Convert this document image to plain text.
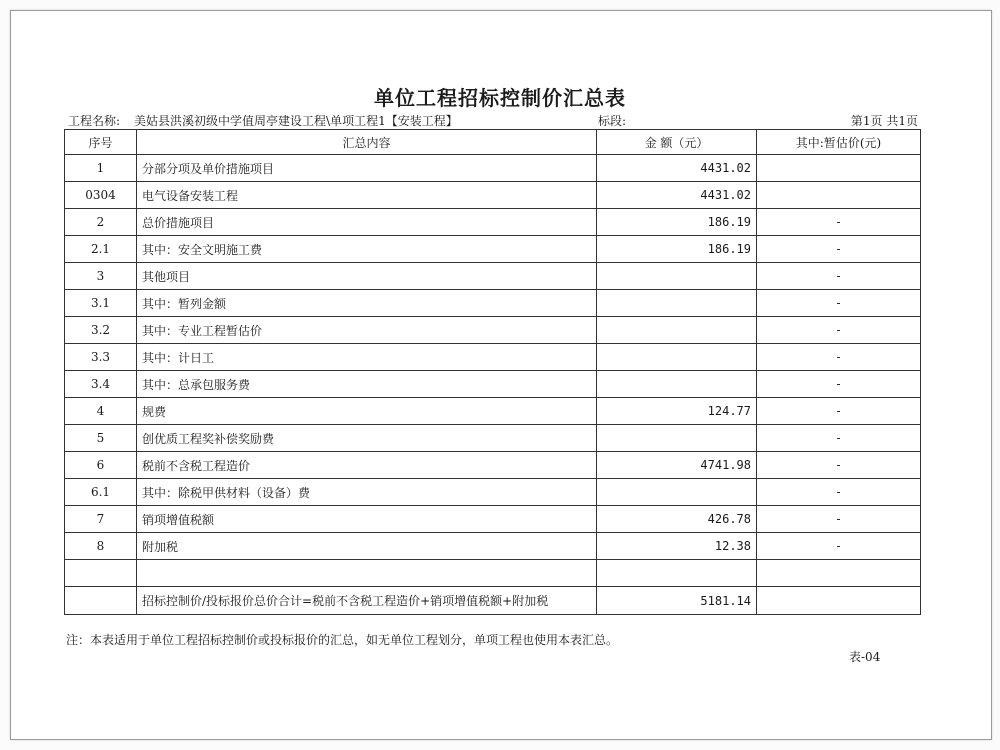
单位工程招标控制价汇总表
工程名称: 美姑县洪溪初级中学值周亭建设工程\单项工程1【安装工程】	标段:	第1页 共1页
序号	汇总内容	金 额（元）	其中:暂估价(元)
1	分部分项及单价措施项目	4431.02	
0304	电气设备安装工程	4431.02	
2	总价措施项目	186.19	-
2.1	其中：安全文明施工费	186.19	-
3	其他项目		-
3.1	其中：暂列金额		-
3.2	其中：专业工程暂估价		-
3.3	其中：计日工		-
3.4	其中：总承包服务费		-
4	规费	124.77	-
5	创优质工程奖补偿奖励费		-
6	税前不含税工程造价	4741.98	-
6.1	其中：除税甲供材料（设备）费		-
7	销项增值税额	426.78	-
8	附加税	12.38	-

	招标控制价/投标报价总价合计=税前不含税工程造价+销项增值税额+附加税	5181.14	
注：本表适用于单位工程招标控制价或投标报价的汇总，如无单位工程划分，单项工程也使用本表汇总。
表-04
